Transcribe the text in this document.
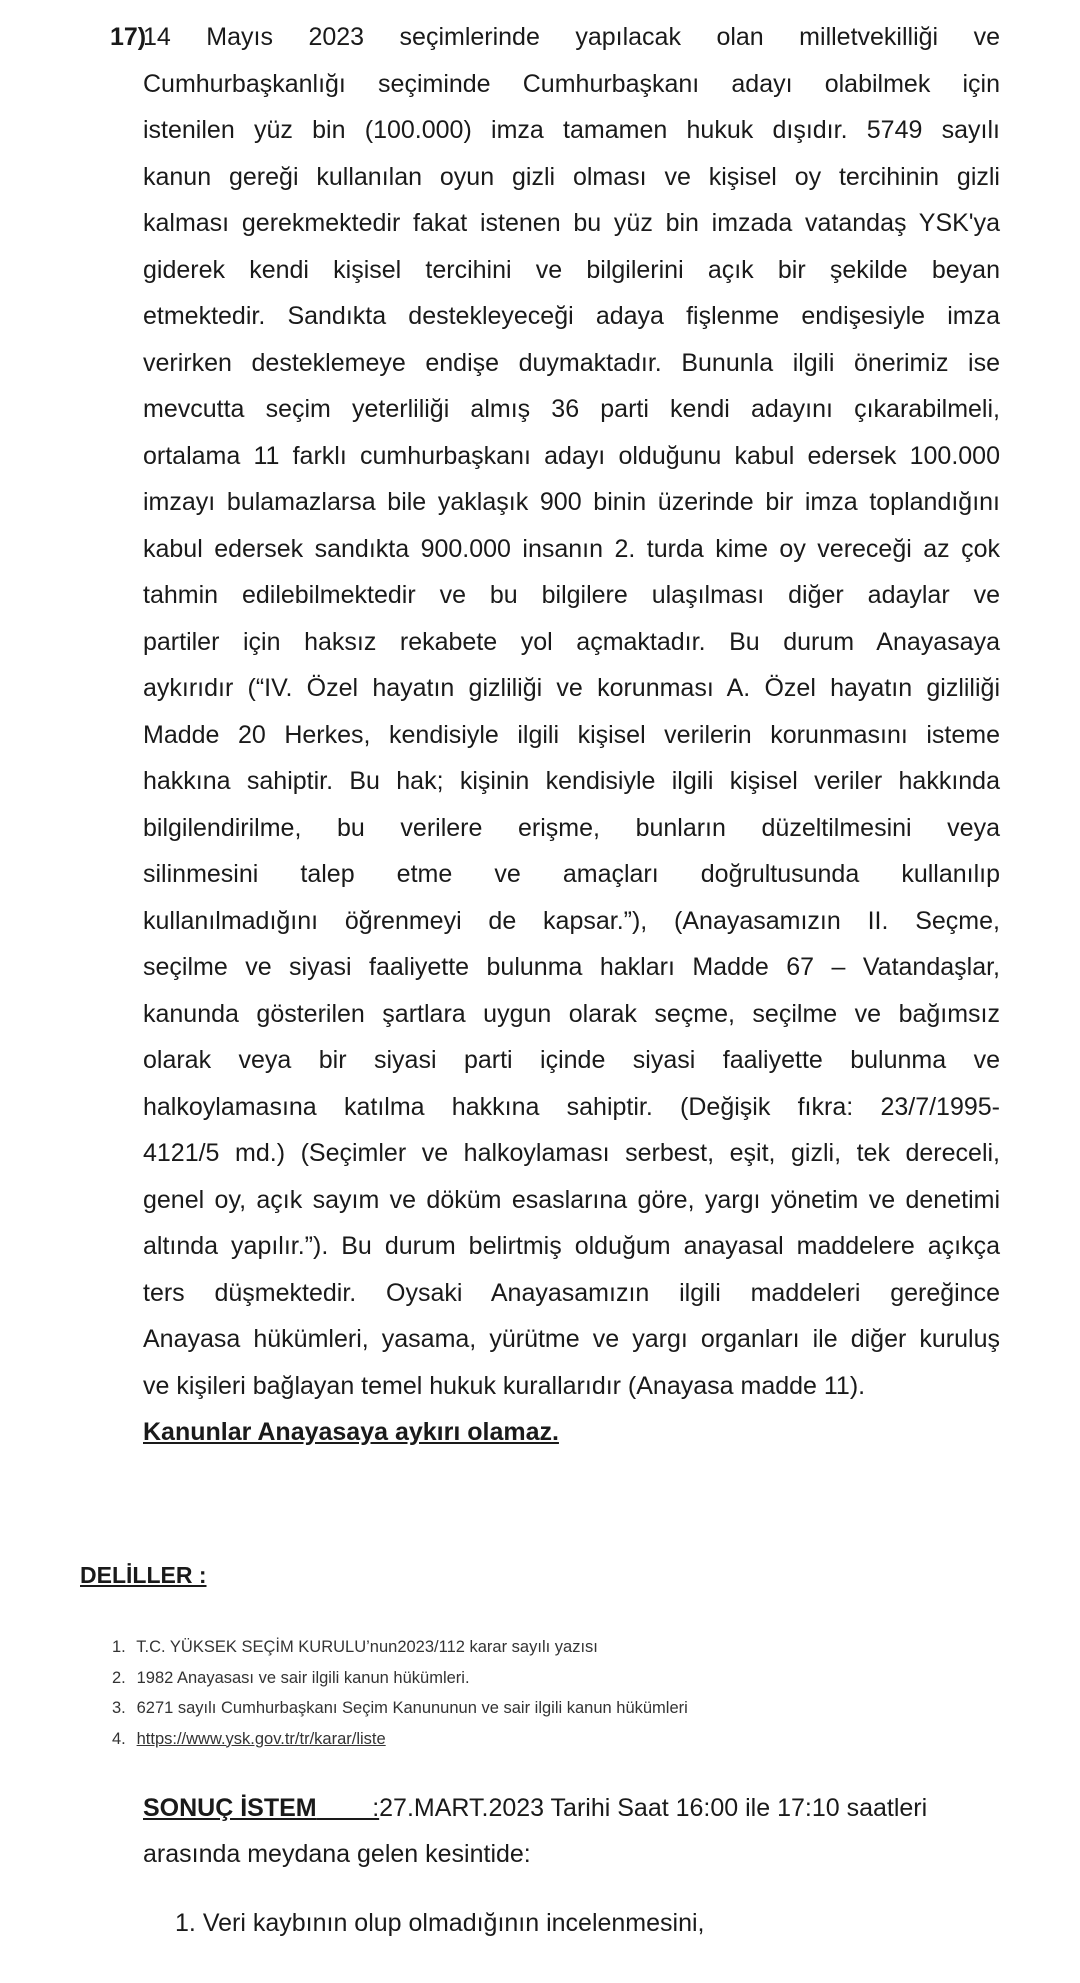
17)
14 Mayıs 2023 seçimlerinde yapılacak olan milletvekilliği ve
Cumhurbaşkanlığı seçiminde Cumhurbaşkanı adayı olabilmek için
istenilen yüz bin (100.000) imza tamamen hukuk dışıdır. 5749 sayılı
kanun gereği kullanılan oyun gizli olması ve kişisel oy tercihinin gizli
kalması gerekmektedir fakat istenen bu yüz bin imzada vatandaş YSK'ya
giderek kendi kişisel tercihini ve bilgilerini açık bir şekilde beyan
etmektedir. Sandıkta destekleyeceği adaya fişlenme endişesiyle imza
verirken desteklemeye endişe duymaktadır. Bununla ilgili önerimiz ise
mevcutta seçim yeterliliği almış 36 parti kendi adayını çıkarabilmeli,
ortalama 11 farklı cumhurbaşkanı adayı olduğunu kabul edersek 100.000
imzayı bulamazlarsa bile yaklaşık 900 binin üzerinde bir imza toplandığını
kabul edersek sandıkta 900.000 insanın 2. turda kime oy vereceği az çok
tahmin edilebilmektedir ve bu bilgilere ulaşılması diğer adaylar ve
partiler için haksız rekabete yol açmaktadır. Bu durum Anayasaya
aykırıdır (“IV. Özel hayatın gizliliği ve korunması A. Özel hayatın gizliliği
Madde 20 Herkes, kendisiyle ilgili kişisel verilerin korunmasını isteme
hakkına sahiptir. Bu hak; kişinin kendisiyle ilgili kişisel veriler hakkında
bilgilendirilme, bu verilere erişme, bunların düzeltilmesini veya
silinmesini talep etme ve amaçları doğrultusunda kullanılıp
kullanılmadığını öğrenmeyi de kapsar.”), (Anayasamızın II. Seçme,
seçilme ve siyasi faaliyette bulunma hakları Madde 67 – Vatandaşlar,
kanunda gösterilen şartlara uygun olarak seçme, seçilme ve bağımsız
olarak veya bir siyasi parti içinde siyasi faaliyette bulunma ve
halkoylamasına katılma hakkına sahiptir. (Değişik fıkra: 23/7/1995-
4121/5 md.) (Seçimler ve halkoylaması serbest, eşit, gizli, tek dereceli,
genel oy, açık sayım ve döküm esaslarına göre, yargı yönetim ve denetimi
altında yapılır.”). Bu durum belirtmiş olduğum anayasal maddelere açıkça
ters düşmektedir. Oysaki Anayasamızın ilgili maddeleri gereğince
Anayasa hükümleri, yasama, yürütme ve yargı organları ile diğer kuruluş
ve kişileri bağlayan temel hukuk kurallarıdır (Anayasa madde 11).
Kanunlar Anayasaya aykırı olamaz.
DELİLLER :
1. T.C. YÜKSEK SEÇİM KURULU’nun2023/112 karar sayılı yazısı
2. 1982 Anayasası ve sair ilgili kanun hükümleri.
3. 6271 sayılı Cumhurbaşkanı Seçim Kanununun ve sair ilgili kanun hükümleri
4. https://www.ysk.gov.tr/tr/karar/liste
SONUÇ İSTEM        :27.MART.2023 Tarihi Saat 16:00 ile 17:10 saatleri
arasında meydana gelen kesintide:
1. Veri kaybının olup olmadığının incelenmesini,
